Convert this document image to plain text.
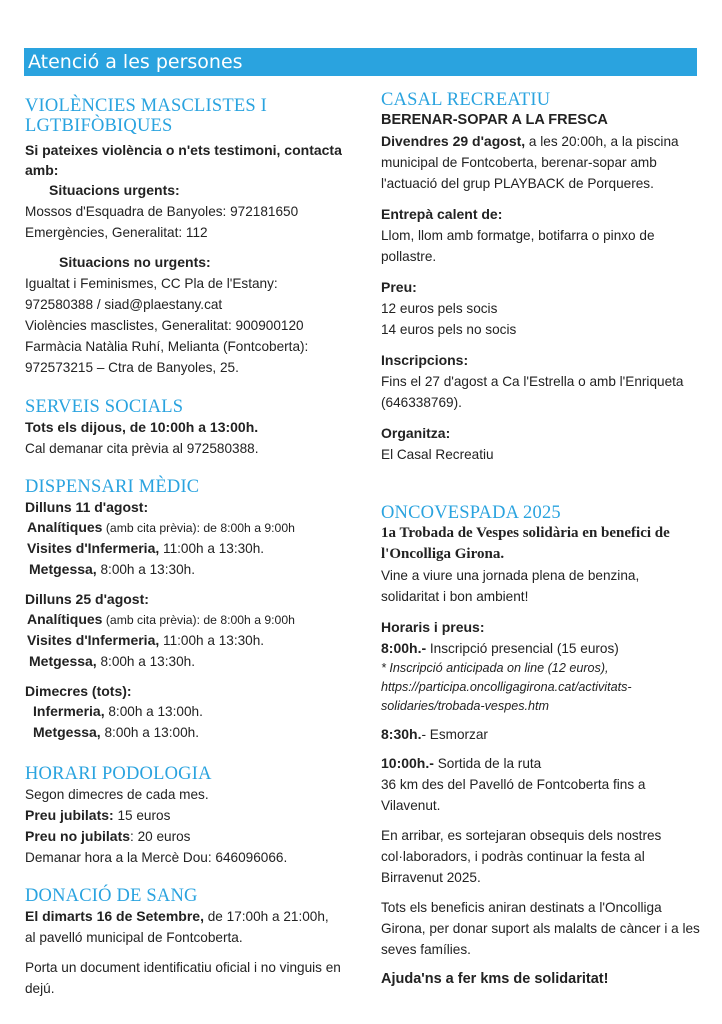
Atenció a les persones
VIOLÈNCIES MASCLISTES I LGTBIFÒBIQUES
Si pateixes violència o n'ets testimoni, contacta amb:
Situacions urgents:
Mossos d'Esquadra de Banyoles: 972181650
Emergències, Generalitat: 112
Situacions no urgents:
Igualtat i Feminismes, CC Pla de l'Estany: 972580388 / siad@plaestany.cat
Violències masclistes, Generalitat: 900900120
Farmàcia Natàlia Ruhí, Melianta (Fontcoberta): 972573215 – Ctra de Banyoles, 25.
SERVEIS SOCIALS
Tots els dijous, de 10:00h a 13:00h.
Cal demanar cita prèvia al 972580388.
DISPENSARI MÈDIC
Dilluns 11 d'agost:
Analítiques (amb cita prèvia): de 8:00h a 9:00h
Visites d'Infermeria, 11:00h a 13:30h.
Metgessa, 8:00h a 13:30h.
Dilluns 25 d'agost:
Analítiques (amb cita prèvia): de 8:00h a 9:00h
Visites d'Infermeria, 11:00h a 13:30h.
Metgessa, 8:00h a 13:30h.
Dimecres (tots):
Infermeria, 8:00h a 13:00h.
Metgessa, 8:00h a 13:00h.
HORARI PODOLOGIA
Segon dimecres de cada mes.
Preu jubilats: 15 euros
Preu no jubilats: 20 euros
Demanar hora a la Mercè Dou: 646096066.
DONACIÓ DE SANG
El dimarts 16 de Setembre, de 17:00h a 21:00h, al pavelló municipal de Fontcoberta.
Porta un document identificatiu oficial i no vinguis en dejú.
CASAL RECREATIU
BERENAR-SOPAR A LA FRESCA
Divendres 29 d'agost, a les 20:00h, a la piscina municipal de Fontcoberta, berenar-sopar amb l'actuació del grup PLAYBACK de Porqueres.
Entrepà calent de:
Llom, llom amb formatge, botifarra o pinxo de pollastre.
Preu:
12 euros pels socis
14 euros pels no socis
Inscripcions:
Fins el 27 d'agost a Ca l'Estrella o amb l'Enriqueta (646338769).
Organitza:
El Casal Recreatiu
ONCOVESPADA 2025
1a Trobada de Vespes solidària en benefici de l'Oncolliga Girona.
Vine a viure una jornada plena de benzina, solidaritat i bon ambient!
Horaris i preus:
8:00h.- Inscripció presencial (15 euros)
* Inscripció anticipada on line (12 euros), https://participa.oncolligagirona.cat/activitats-solidaries/trobada-vespes.htm
8:30h.- Esmorzar
10:00h.- Sortida de la ruta
36 km des del Pavelló de Fontcoberta fins a Vilavenut.
En arribar, es sortejaran obsequis dels nostres col·laboradors, i podràs continuar la festa al Birravenut 2025.
Tots els beneficis aniran destinats a l'Oncolliga Girona, per donar suport als malalts de càncer i a les seves famílies.
Ajuda'ns a fer kms de solidaritat!
